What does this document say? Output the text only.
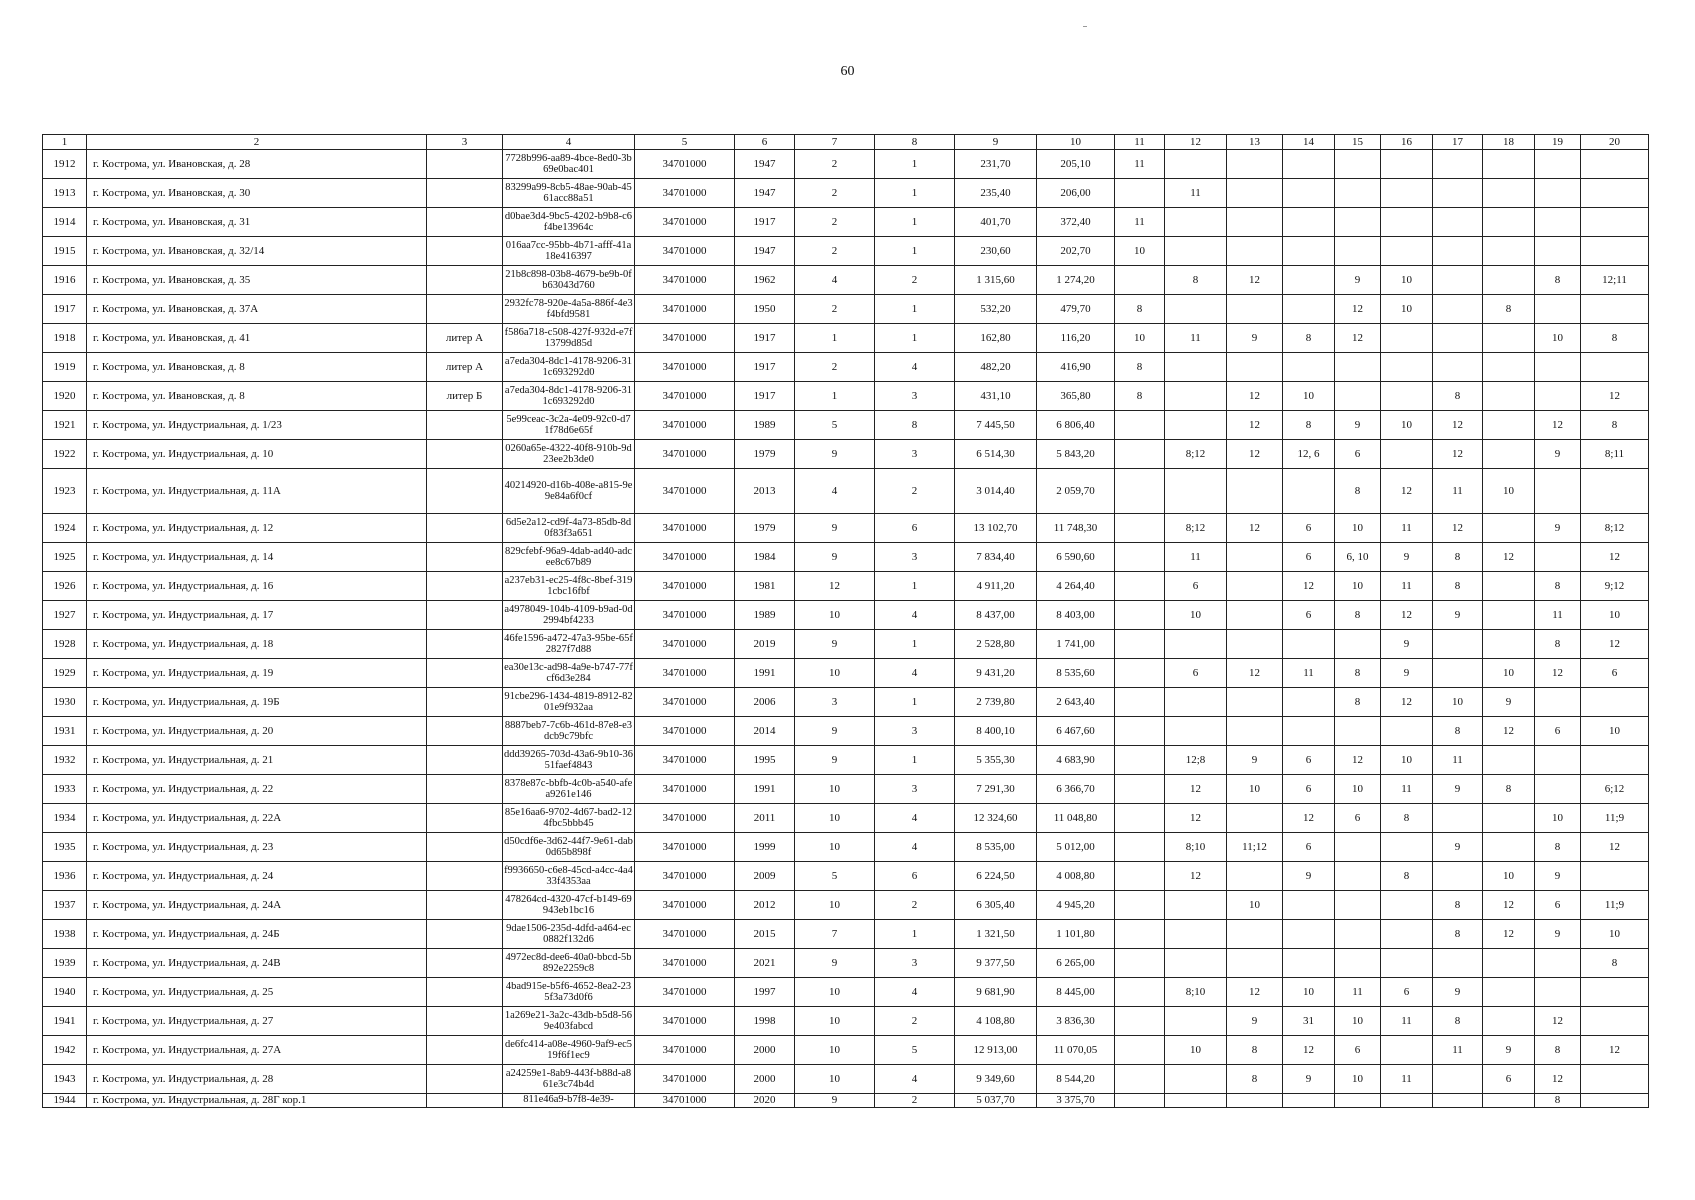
60
1	2	3	4	5	6	7	8	9	10	11	12	13	14	15	16	17	18	19	20
1912	г. Кострома, ул. Ивановская, д. 28		7728b996-aa89-4bce-8ed0-3b69e0bac401	34701000	1947	2	1	231,70	205,10	11									
1913	г. Кострома, ул. Ивановская, д. 30		83299a99-8cb5-48ae-90ab-4561acc88a51	34701000	1947	2	1	235,40	206,00		11								
1914	г. Кострома, ул. Ивановская, д. 31		d0bae3d4-9bc5-4202-b9b8-c6f4be13964c	34701000	1917	2	1	401,70	372,40	11									
1915	г. Кострома, ул. Ивановская, д. 32/14		016aa7cc-95bb-4b71-afff-41a18e416397	34701000	1947	2	1	230,60	202,70	10									
1916	г. Кострома, ул. Ивановская, д. 35		21b8c898-03b8-4679-be9b-0fb63043d760	34701000	1962	4	2	1 315,60	1 274,20		8	12		9	10			8	12;11
1917	г. Кострома, ул. Ивановская, д. 37А		2932fc78-920e-4a5a-886f-4e3f4bfd9581	34701000	1950	2	1	532,20	479,70	8				12	10		8		
1918	г. Кострома, ул. Ивановская, д. 41	литер А	f586a718-c508-427f-932d-e7f13799d85d	34701000	1917	1	1	162,80	116,20	10	11	9	8	12				10	8
1919	г. Кострома, ул. Ивановская, д. 8	литер А	a7eda304-8dc1-4178-9206-311c693292d0	34701000	1917	2	4	482,20	416,90	8									
1920	г. Кострома, ул. Ивановская, д. 8	литер Б	a7eda304-8dc1-4178-9206-311c693292d0	34701000	1917	1	3	431,10	365,80	8		12	10			8			12
1921	г. Кострома, ул. Индустриальная, д. 1/23		5e99ceac-3c2a-4e09-92c0-d71f78d6e65f	34701000	1989	5	8	7 445,50	6 806,40			12	8	9	10	12		12	8
1922	г. Кострома, ул. Индустриальная, д. 10		0260a65e-4322-40f8-910b-9d23ee2b3de0	34701000	1979	9	3	6 514,30	5 843,20		8;12	12	12, 6	6		12		9	8;11
1923	г. Кострома, ул. Индустриальная, д. 11А		40214920-d16b-408e-a815-9e9e84a6f0cf	34701000	2013	4	2	3 014,40	2 059,70					8	12	11	10		
1924	г. Кострома, ул. Индустриальная, д. 12		6d5e2a12-cd9f-4a73-85db-8d0f83f3a651	34701000	1979	9	6	13 102,70	11 748,30		8;12	12	6	10	11	12		9	8;12
1925	г. Кострома, ул. Индустриальная, д. 14		829cfebf-96a9-4dab-ad40-adcee8c67b89	34701000	1984	9	3	7 834,40	6 590,60		11		6	6, 10	9	8	12		12
1926	г. Кострома, ул. Индустриальная, д. 16		a237eb31-ec25-4f8c-8bef-3191cbc16fbf	34701000	1981	12	1	4 911,20	4 264,40		6		12	10	11	8		8	9;12
1927	г. Кострома, ул. Индустриальная, д. 17		a4978049-104b-4109-b9ad-0d2994bf4233	34701000	1989	10	4	8 437,00	8 403,00		10		6	8	12	9		11	10
1928	г. Кострома, ул. Индустриальная, д. 18		46fe1596-a472-47a3-95be-65f2827f7d88	34701000	2019	9	1	2 528,80	1 741,00						9			8	12
1929	г. Кострома, ул. Индустриальная, д. 19		ea30e13c-ad98-4a9e-b747-77fcf6d3e284	34701000	1991	10	4	9 431,20	8 535,60		6	12	11	8	9		10	12	6
1930	г. Кострома, ул. Индустриальная, д. 19Б		91cbe296-1434-4819-8912-8201e9f932aa	34701000	2006	3	1	2 739,80	2 643,40					8	12	10	9		
1931	г. Кострома, ул. Индустриальная, д. 20		8887beb7-7c6b-461d-87e8-e3dcb9c79bfc	34701000	2014	9	3	8 400,10	6 467,60							8	12	6	10
1932	г. Кострома, ул. Индустриальная, д. 21		ddd39265-703d-43a6-9b10-3651faef4843	34701000	1995	9	1	5 355,30	4 683,90		12;8	9	6	12	10	11			
1933	г. Кострома, ул. Индустриальная, д. 22		8378e87c-bbfb-4c0b-a540-afea9261e146	34701000	1991	10	3	7 291,30	6 366,70		12	10	6	10	11	9	8		6;12
1934	г. Кострома, ул. Индустриальная, д. 22А		85e16aa6-9702-4d67-bad2-124fbc5bbb45	34701000	2011	10	4	12 324,60	11 048,80		12		12	6	8			10	11;9
1935	г. Кострома, ул. Индустриальная, д. 23		d50cdf6e-3d62-44f7-9e61-dab0d65b898f	34701000	1999	10	4	8 535,00	5 012,00		8;10	11;12	6			9		8	12
1936	г. Кострома, ул. Индустриальная, д. 24		f9936650-c6e8-45cd-a4cc-4a433f4353aa	34701000	2009	5	6	6 224,50	4 008,80		12		9		8		10	9	
1937	г. Кострома, ул. Индустриальная, д. 24А		478264cd-4320-47cf-b149-69943eb1bc16	34701000	2012	10	2	6 305,40	4 945,20			10				8	12	6	11;9
1938	г. Кострома, ул. Индустриальная, д. 24Б		9dae1506-235d-4dfd-a464-ec0882f132d6	34701000	2015	7	1	1 321,50	1 101,80							8	12	9	10
1939	г. Кострома, ул. Индустриальная, д. 24В		4972ec8d-dee6-40a0-bbcd-5b892e2259c8	34701000	2021	9	3	9 377,50	6 265,00										8
1940	г. Кострома, ул. Индустриальная, д. 25		4bad915e-b5f6-4652-8ea2-235f3a73d0f6	34701000	1997	10	4	9 681,90	8 445,00		8;10	12	10	11	6	9			
1941	г. Кострома, ул. Индустриальная, д. 27		1a269e21-3a2c-43db-b5d8-569e403fabcd	34701000	1998	10	2	4 108,80	3 836,30			9	31	10	11	8		12	
1942	г. Кострома, ул. Индустриальная, д. 27А		de6fc414-a08e-4960-9af9-ec519f6f1ec9	34701000	2000	10	5	12 913,00	11 070,05		10	8	12	6		11	9	8	12
1943	г. Кострома, ул. Индустриальная, д. 28		a24259e1-8ab9-443f-b88d-a861e3c74b4d	34701000	2000	10	4	9 349,60	8 544,20			8	9	10	11		6	12	
1944	г. Кострома, ул. Индустриальная, д. 28Г кор.1		811e46a9-b7f8-4e39-	34701000	2020	9	2	5 037,70	3 375,70									8	
